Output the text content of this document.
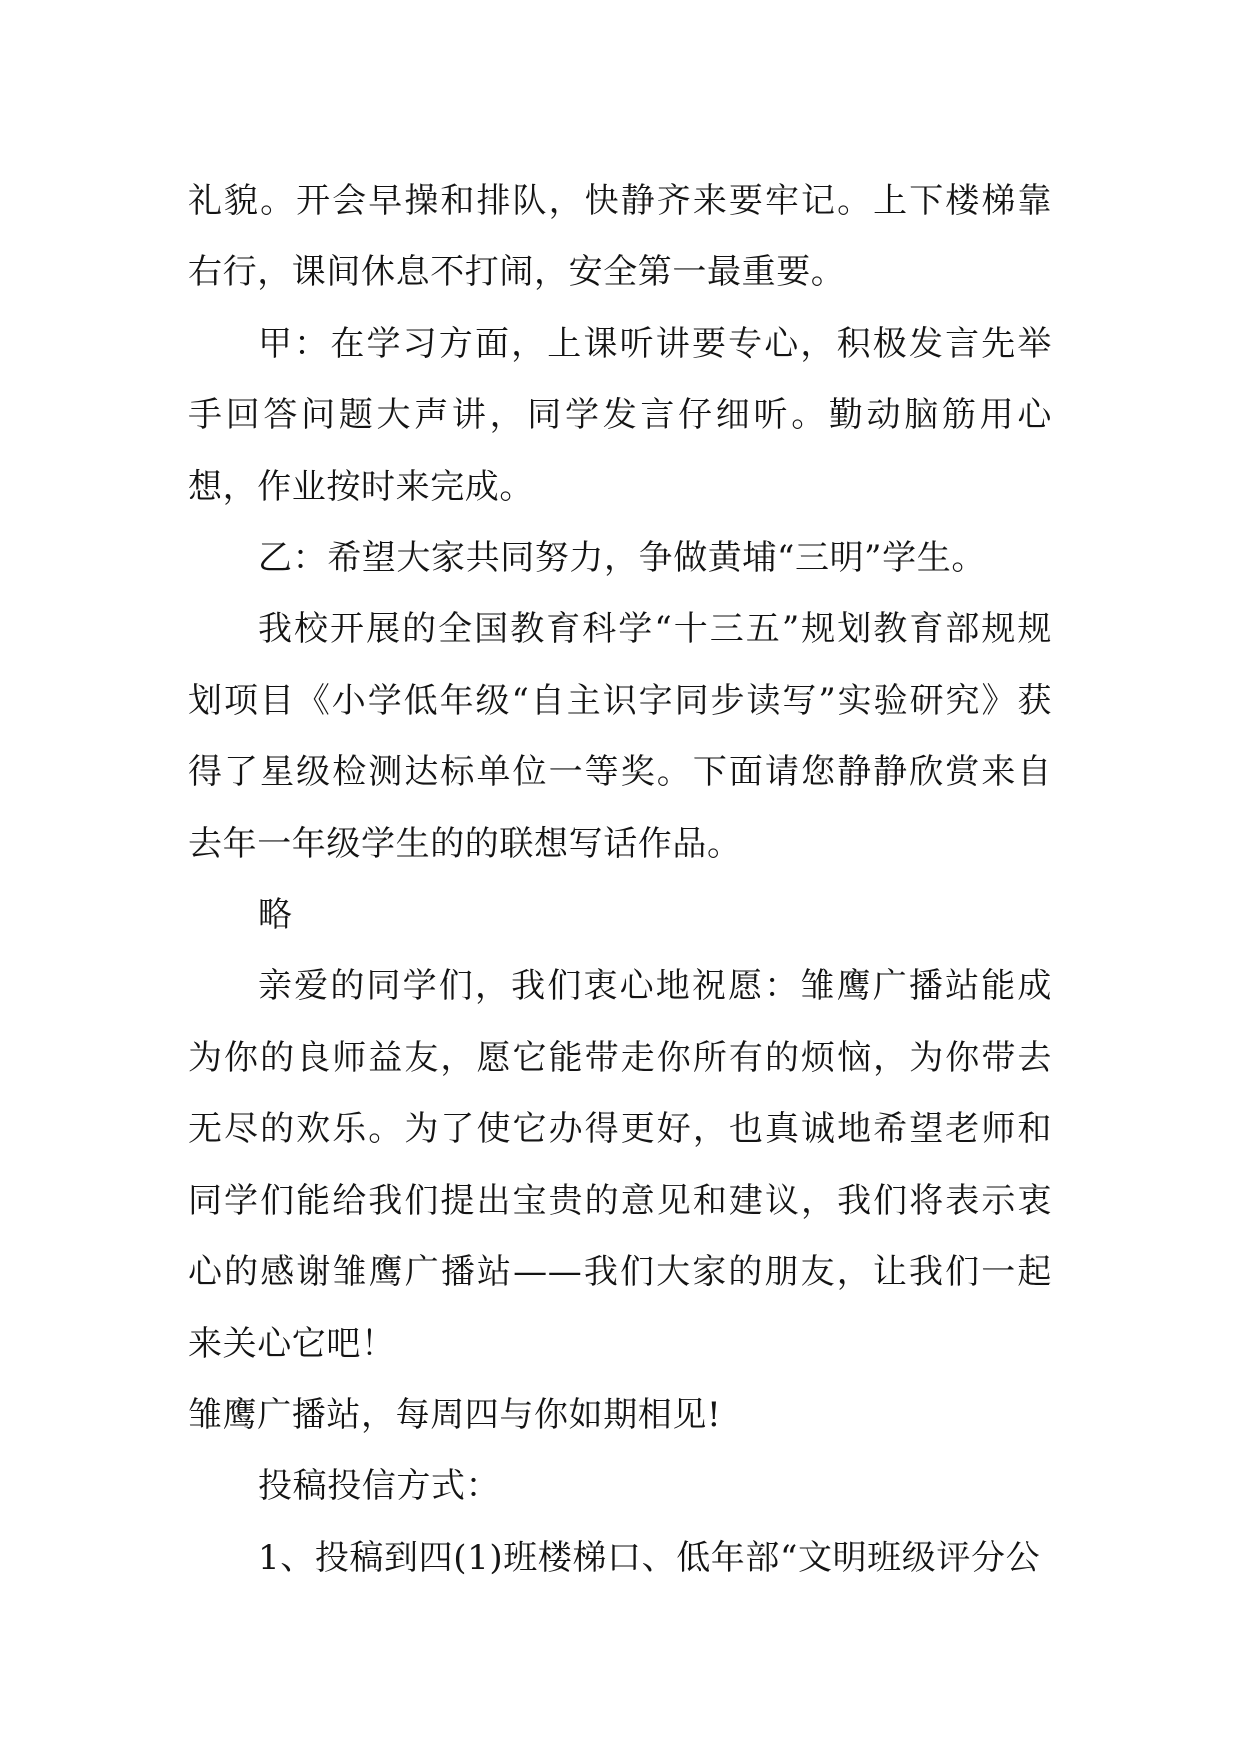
礼貌。开会早操和排队，快静齐来要牢记。上下楼梯靠右行，课间休息不打闹，安全第一最重要。

甲：在学习方面，上课听讲要专心，积极发言先举手回答问题大声讲，同学发言仔细听。勤动脑筋用心想，作业按时来完成。

乙：希望大家共同努力，争做黄埔“三明”学生。

我校开展的全国教育科学“十三五”规划教育部规规划项目《小学低年级“自主识字同步读写”实验研究》获得了星级检测达标单位一等奖。下面请您静静欣赏来自去年一年级学生的的联想写话作品。

略

亲爱的同学们，我们衷心地祝愿：雏鹰广播站能成为你的良师益友，愿它能带走你所有的烦恼，为你带去无尽的欢乐。为了使它办得更好，也真诚地希望老师和同学们能给我们提出宝贵的意见和建议，我们将表示衷心的感谢雏鹰广播站——我们大家的朋友，让我们一起来关心它吧！

雏鹰广播站，每周四与你如期相见!

投稿投信方式：

1、投稿到四(1)班楼梯口、低年部“文明班级评分公
